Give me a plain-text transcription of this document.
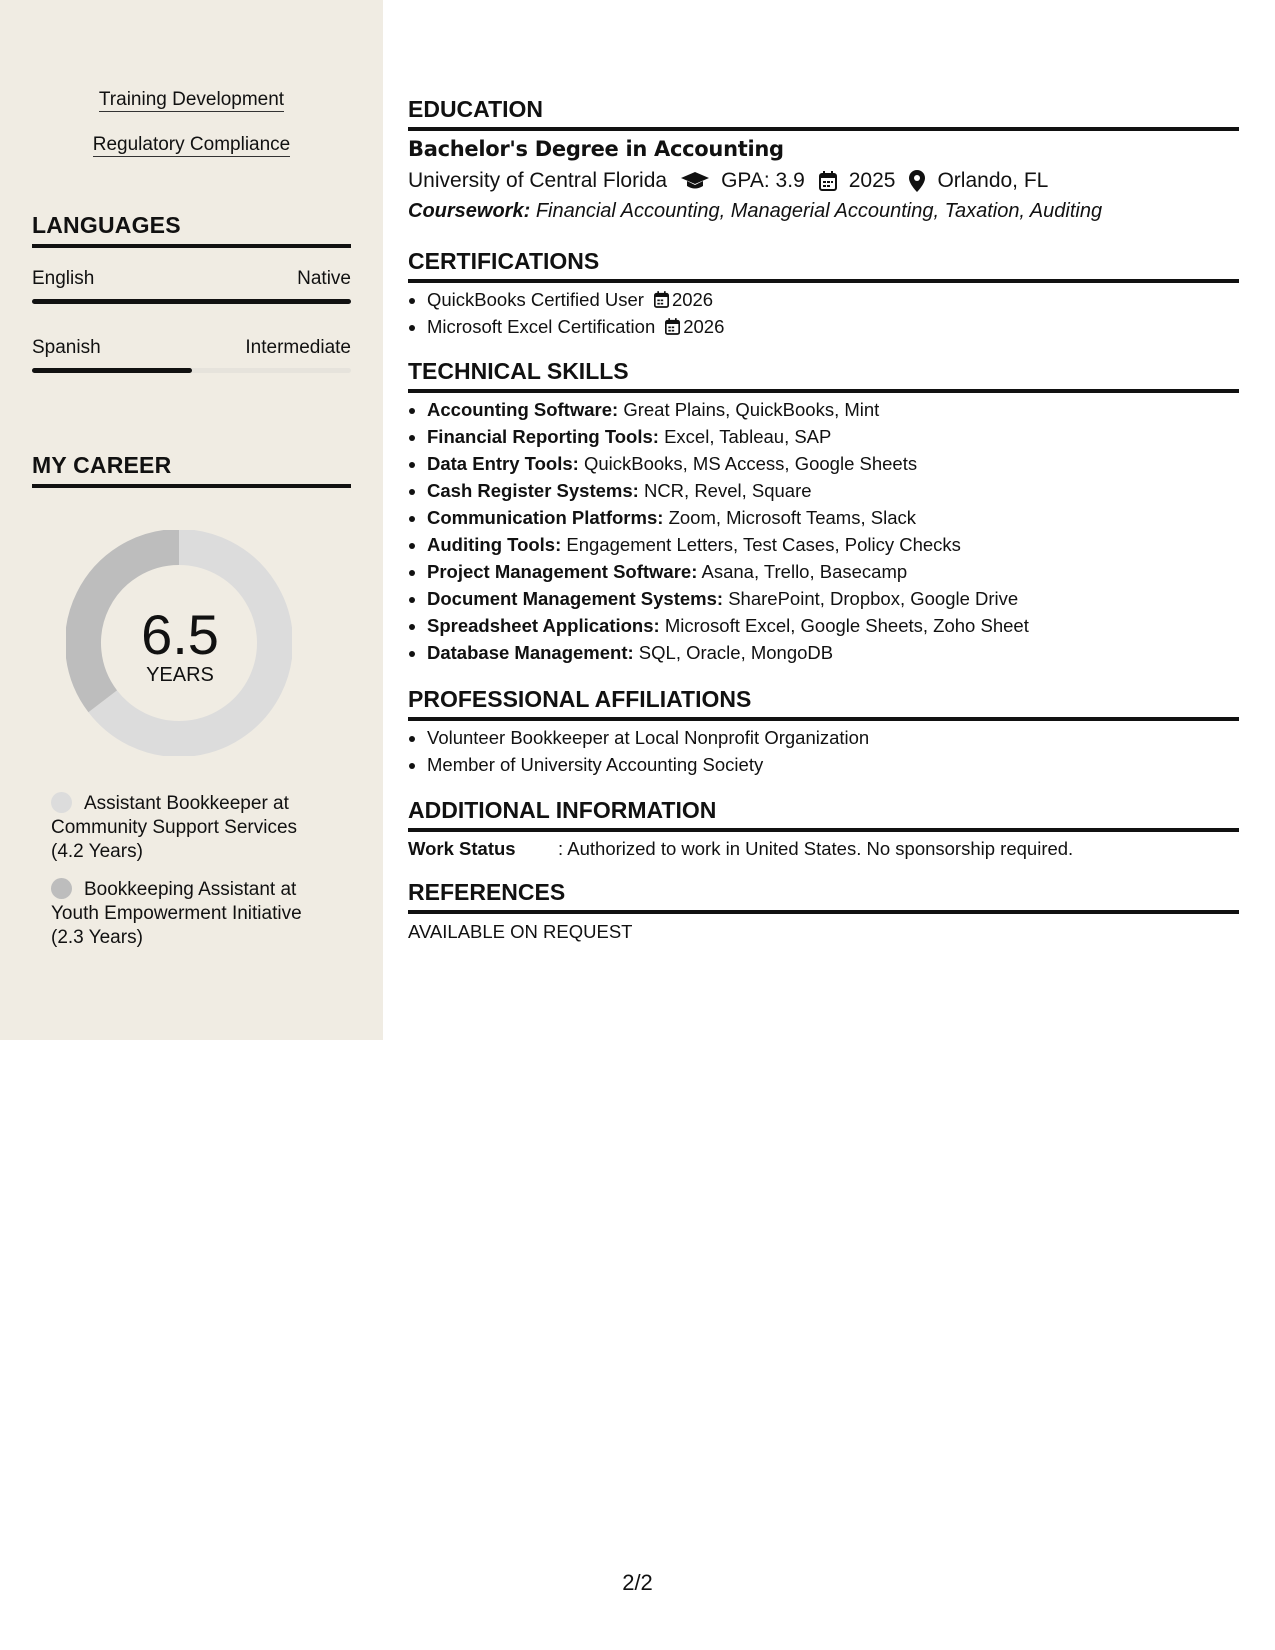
Training Development
Regulatory Compliance
LANGUAGES
English	Native
Spanish	Intermediate
MY CAREER
6.5
YEARS
Assistant Bookkeeper at
Community Support Services
(4.2 Years)
Bookkeeping Assistant at
Youth Empowerment Initiative
(2.3 Years)
EDUCATION
Bachelor's Degree in Accounting
University of Central Florida	GPA: 3.9 2025 Orlando, FL
Coursework: Financial Accounting, Managerial Accounting, Taxation, Auditing
CERTIFICATIONS
• QuickBooks Certified User 2026
• Microsoft Excel Certification 2026
TECHNICAL SKILLS
• Accounting Software: Great Plains, QuickBooks, Mint
• Financial Reporting Tools: Excel, Tableau, SAP
• Data Entry Tools: QuickBooks, MS Access, Google Sheets
• Cash Register Systems: NCR, Revel, Square
• Communication Platforms: Zoom, Microsoft Teams, Slack
• Auditing Tools: Engagement Letters, Test Cases, Policy Checks
• Project Management Software: Asana, Trello, Basecamp
• Document Management Systems: SharePoint, Dropbox, Google Drive
• Spreadsheet Applications: Microsoft Excel, Google Sheets, Zoho Sheet
• Database Management: SQL, Oracle, MongoDB
PROFESSIONAL AFFILIATIONS
• Volunteer Bookkeeper at Local Nonprofit Organization
• Member of University Accounting Society
ADDITIONAL INFORMATION
Work Status : Authorized to work in United States. No sponsorship required.
REFERENCES
AVAILABLE ON REQUEST
2/2
